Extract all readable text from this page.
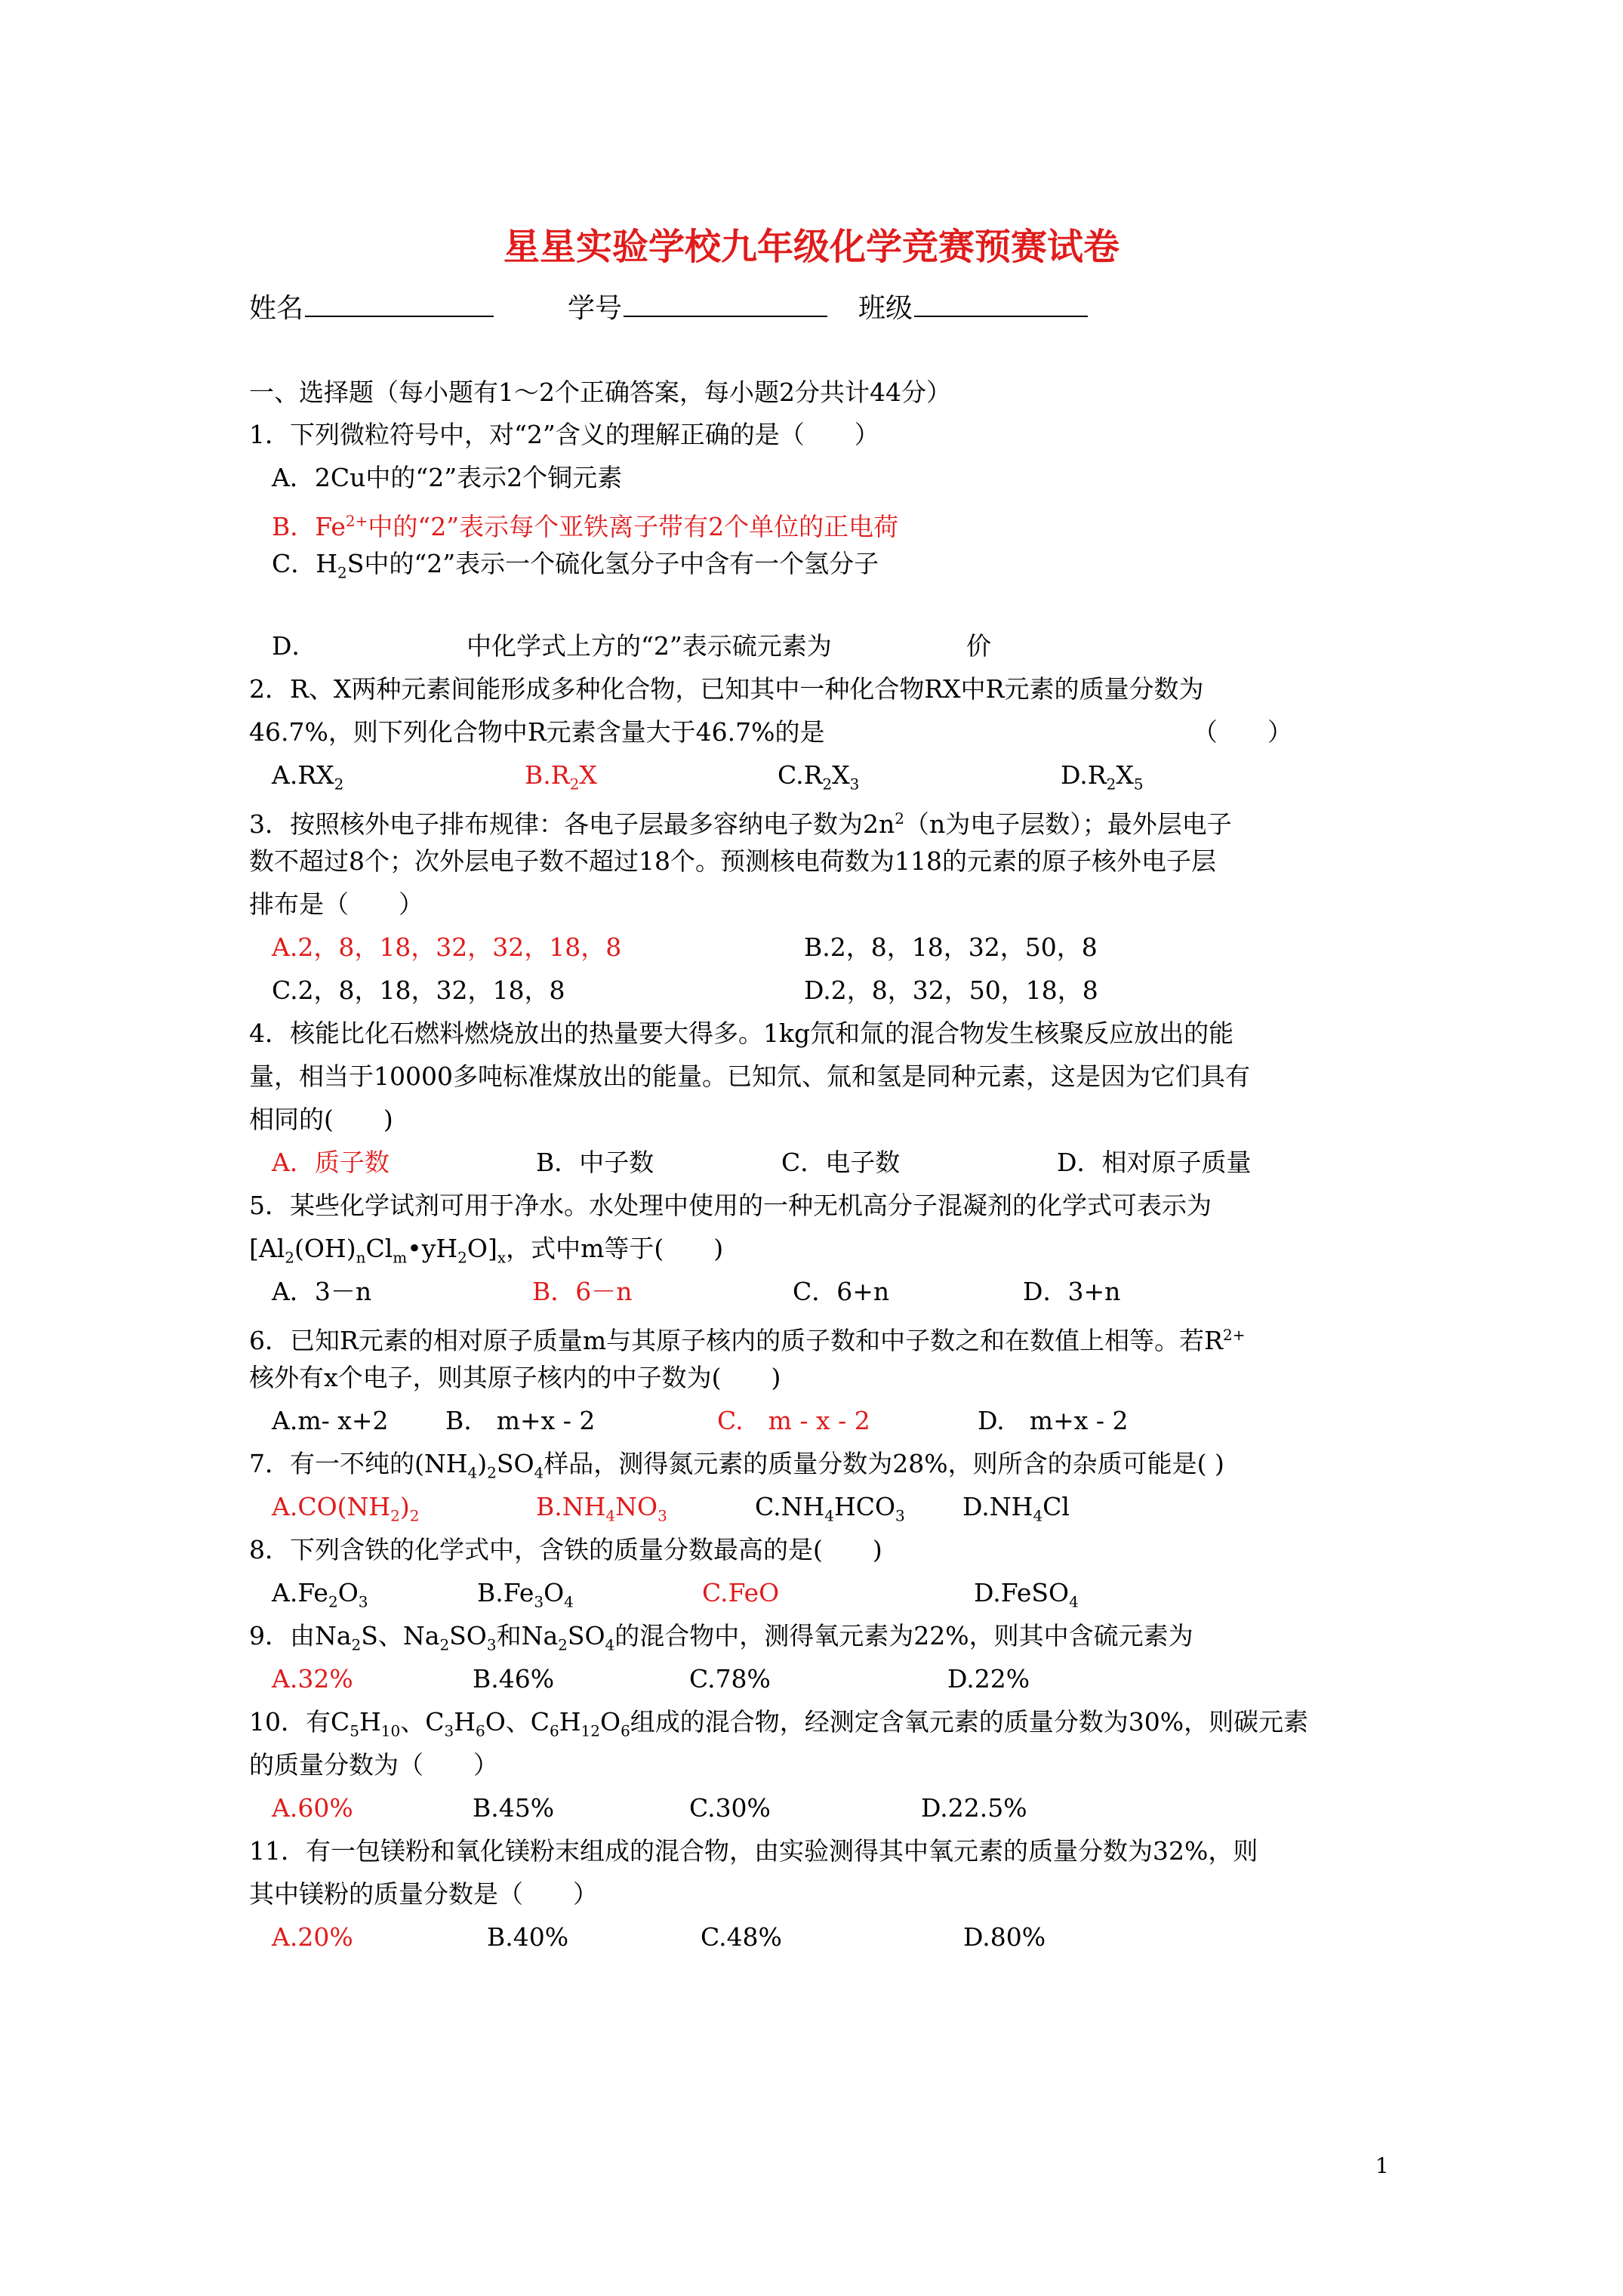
星星实验学校九年级化学竞赛预赛试卷
姓名	学号	班级
一、选择题（每小题有1～2个正确答案，每小题2分共计44分）
1．下列微粒符号中，对“2”含义的理解正确的是（　　）
A．2Cu中的“2”表示2个铜元素
B．$Fe^{2+}$中的“2”表示每个亚铁离子带有2个单位的正电荷
C．$H_2S$中的“2”表示一个硫化氢分子中含有一个氢分子
D．	中化学式上方的“2”表示硫元素为	价
2．R、X两种元素间能形成多种化合物，已知其中一种化合物RX中R元素的质量分数为
46.7%，则下列化合物中R元素含量大于46.7%的是	（　　）
$A.RX_2$	$B.R_2X$	$C.R_2X_3$	$D.R_2X_5$
3．按照核外电子排布规律：各电子层最多容纳电子数为$2n^2(n$为电子层数）；最外层电子
数不超过8个；次外层电子数不超过18个。预测核电荷数为118的元素的原子核外电子层
排布是（　　）
A.2，8，18，32，32，18，8	B.2，8，18，32，50，8
C.2，8，18，32，18，8	D.2，8，32，50，18，8
4．核能比化石燃料燃烧放出的热量要大得多。1kg氘和氚的混合物发生核聚反应放出的能
量，相当于10000多吨标准煤放出的能量。已知氘、氚和氢是同种元素，这是因为它们具有
相同的(　　)
A．质子数	B．中子数	C．电子数	D．相对原子质量
5．某些化学试剂可用于净水。水处理中使用的一种无机高分子混凝剂的化学式可表示为
$[Al_2(OH)_nCl_m•yH_2O]_x$，式中m等于(　　)
A．3－n	B．6－n	C．6+n	D．3+n
6．已知R元素的相对原子质量m与其原子核内的质子数和中子数之和在数值上相等。若$R^{2+}$
核外有x个电子，则其原子核内的中子数为(　　)
A.m- x+2 B.　m+x - 2	C.　m - x - 2	D.　m+x - 2
7．有一不纯的$(NH_4)_2SO_4$样品，测得氮元素的质量分数为28%，则所含的杂质可能是( )
$A.CO(NH_2)_2$	$B.NH_4NO_3$	$C.NH_4HCO_3$ $D.NH_4Cl$
8．下列含铁的化学式中，含铁的质量分数最高的是(　　)
$A.Fe_2O_3$	$B.Fe_3O_4$	C.FeO	D.FeSO$_4$
9．由$Na_2S$、$Na_2SO_3$和$Na_2SO_4$的混合物中，测得氧元素为22%，则其中含硫元素为
A.32%	B.46%	C.78%	D.22%
10．有$C_5H_{10}$、$C_3H_6O$、$C_6H_{12}O_6$组成的混合物，经测定含氧元素的质量分数为30%，则碳元素
的质量分数为（　　）
A.60%	B.45%	C.30%	D.22.5%
11．有一包镁粉和氧化镁粉末组成的混合物，由实验测得其中氧元素的质量分数为32%，则
其中镁粉的质量分数是（　　）
A.20%	B.40%	C.48%	D.80%
1
